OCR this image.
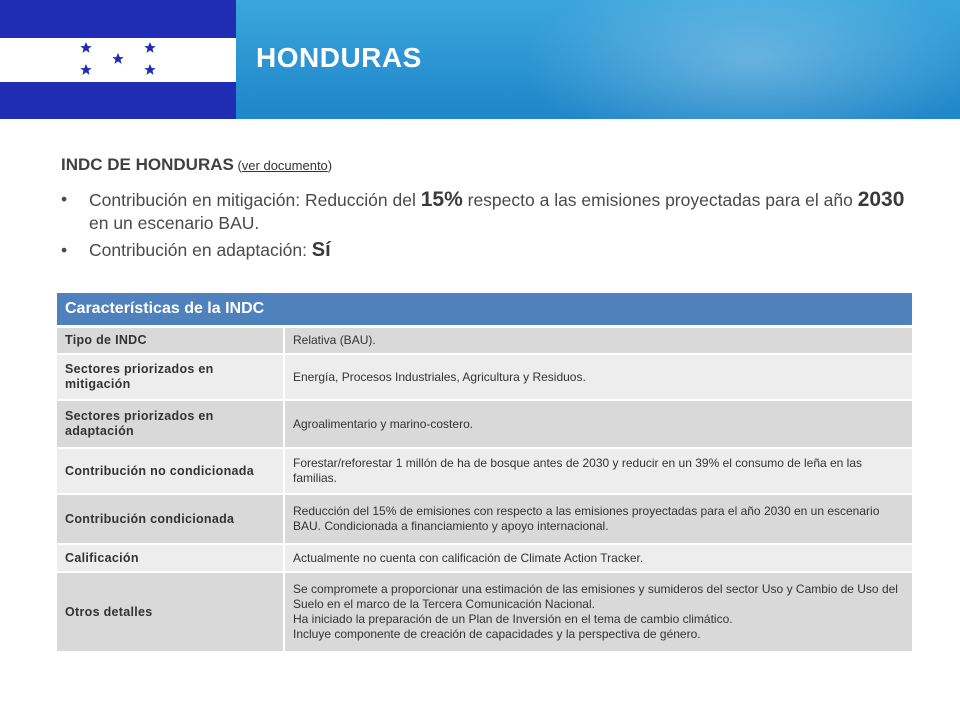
HONDURAS
INDC DE HONDURAS (ver documento)
• Contribución en mitigación: Reducción del 15% respecto a las emisiones proyectadas para el año 2030 en un escenario BAU.
• Contribución en adaptación: Sí
Características de la INDC
Tipo de INDC	Relativa (BAU).
Sectores priorizados en mitigación	Energía, Procesos Industriales, Agricultura y Residuos.
Sectores priorizados en adaptación	Agroalimentario y marino-costero.
Contribución no condicionada	Forestar/reforestar 1 millón de ha de bosque antes de 2030 y reducir en un 39% el consumo de leña en las familias.
Contribución condicionada	Reducción del 15% de emisiones con respecto a las emisiones proyectadas para el año 2030 en un escenario BAU. Condicionada a financiamiento y apoyo internacional.
Calificación	Actualmente no cuenta con calificación de Climate Action Tracker.
Otros detalles	Se compromete a proporcionar una estimación de las emisiones y sumideros del sector Uso y Cambio de Uso del Suelo en el marco de la Tercera Comunicación Nacional.
Ha iniciado la preparación de un Plan de Inversión en el tema de cambio climático.
Incluye componente de creación de capacidades y la perspectiva de género.
